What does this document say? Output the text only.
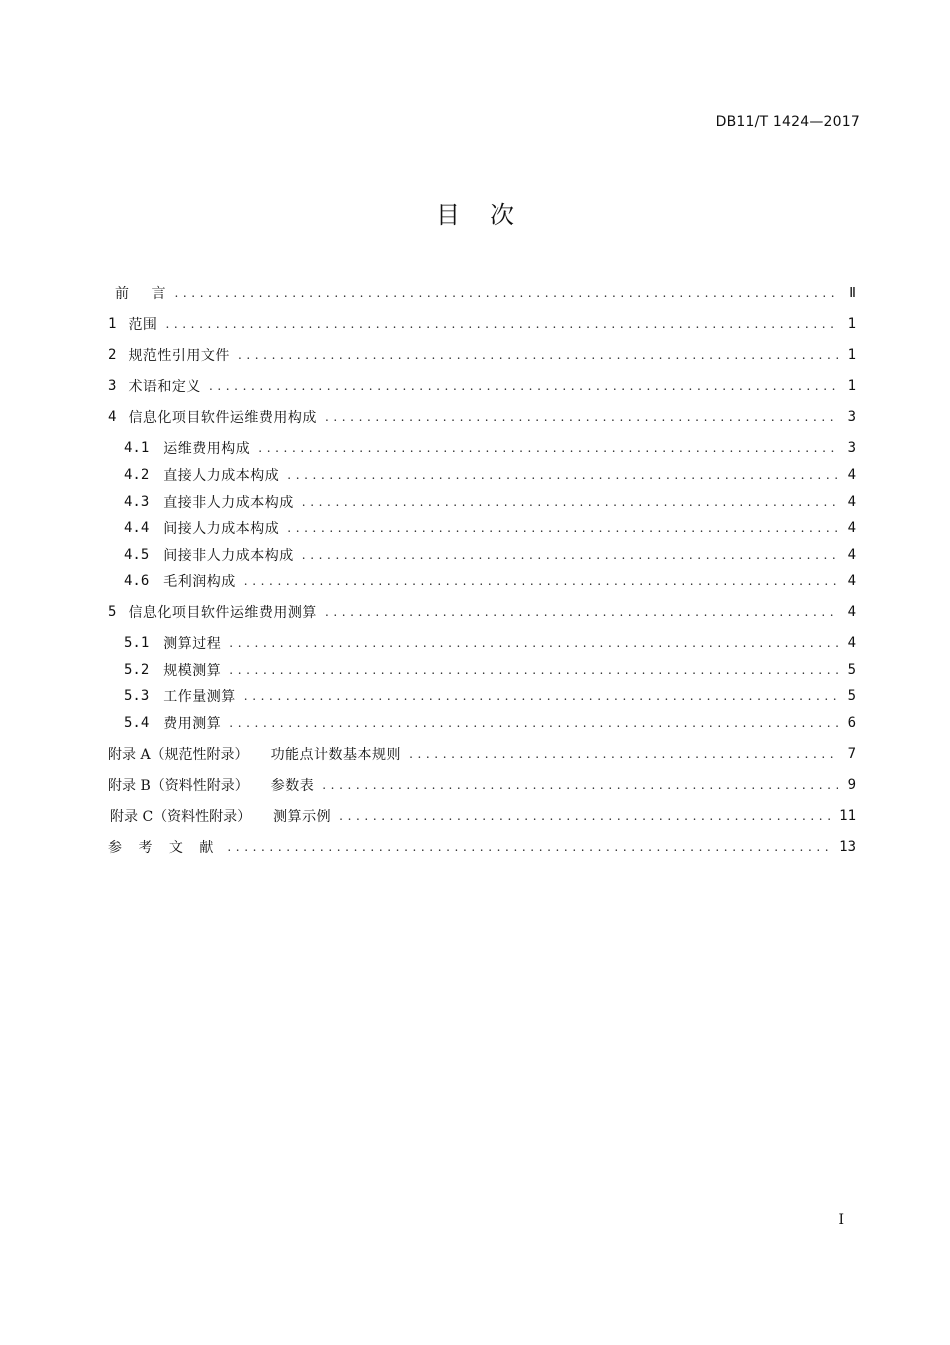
DB11/T 1424—2017
目 次
前 言 .....	Ⅱ
1 范围 .....	1
2 规范性引用文件 .....	1
3 术语和定义 .....	1
4 信息化项目软件运维费用构成 .....	3
4.1 运维费用构成 .....	3
4.2 直接人力成本构成 .....	4
4.3 直接非人力成本构成 .....	4
4.4 间接人力成本构成 .....	4
4.5 间接非人力成本构成 .....	4
4.6 毛利润构成 .....	4
5 信息化项目软件运维费用测算 .....	4
5.1 测算过程 .....	4
5.2 规模测算 .....	5
5.3 工作量测算 .....	5
5.4 费用测算 .....	6
附录 A（规范性附录） 功能点计数基本规则 .....	7
附录 B（资料性附录） 参数表 .....	9
附录 C（资料性附录） 测算示例 .....	11
参 考 文 献 .....	13
I
